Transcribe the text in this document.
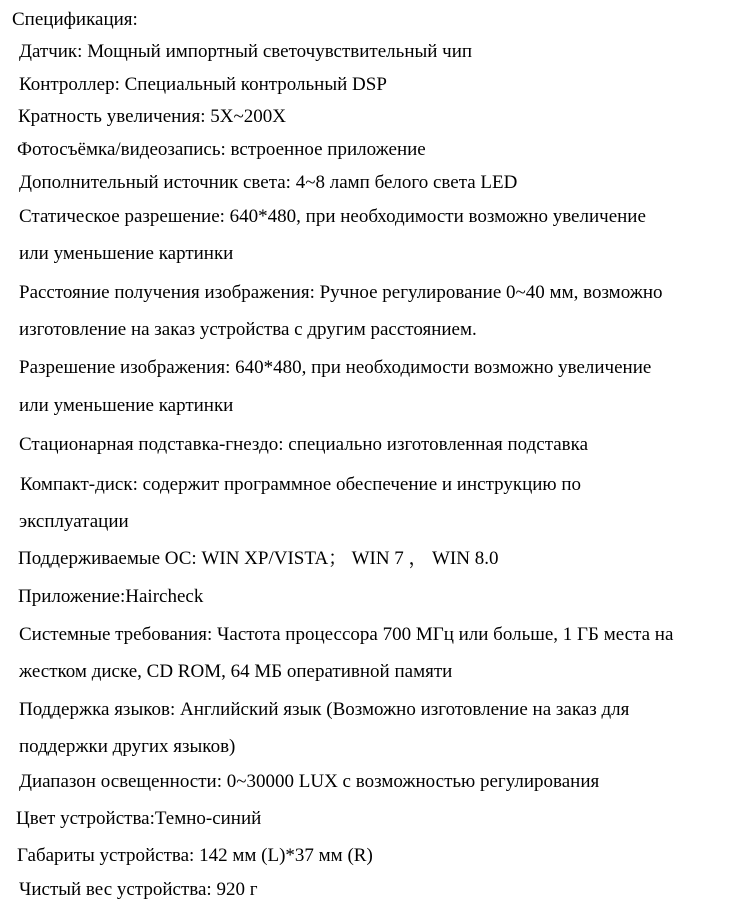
Спецификация:
Датчик: Мощный импортный светочувствительный чип
Контроллер: Специальный контрольный DSP
Кратность увеличения: 5X~200X
Фотосъёмка/видеозапись: встроенное приложение
Дополнительный источник света: 4~8 ламп белого света LED
Статическое разрешение: 640*480, при необходимости возможно увеличение
или уменьшение картинки
Расстояние получения изображения: Ручное регулирование 0~40 мм, возможно
изготовление на заказ устройства с другим расстоянием.
Разрешение изображения: 640*480, при необходимости возможно увеличение
или уменьшение картинки
Стационарная подставка-гнездо: специально изготовленная подставка
Компакт-диск: содержит программное обеспечение и инструкцию по
эксплуатации
Поддерживаемые ОС: WIN XP/VISTA； WIN 7 ， WIN 8.0
Приложение:Haircheck
Системные требования: Частота процессора 700 МГц или больше, 1 ГБ места на
жестком диске, CD ROM, 64 МБ оперативной памяти
Поддержка языков: Английский язык (Возможно изготовление на заказ для
поддержки других языков)
Диапазон освещенности: 0~30000 LUX с возможностью регулирования
Цвет устройства:Темно-синий
Габариты устройства: 142 мм (L)*37 мм (R)
Чистый вес устройства: 920 г
